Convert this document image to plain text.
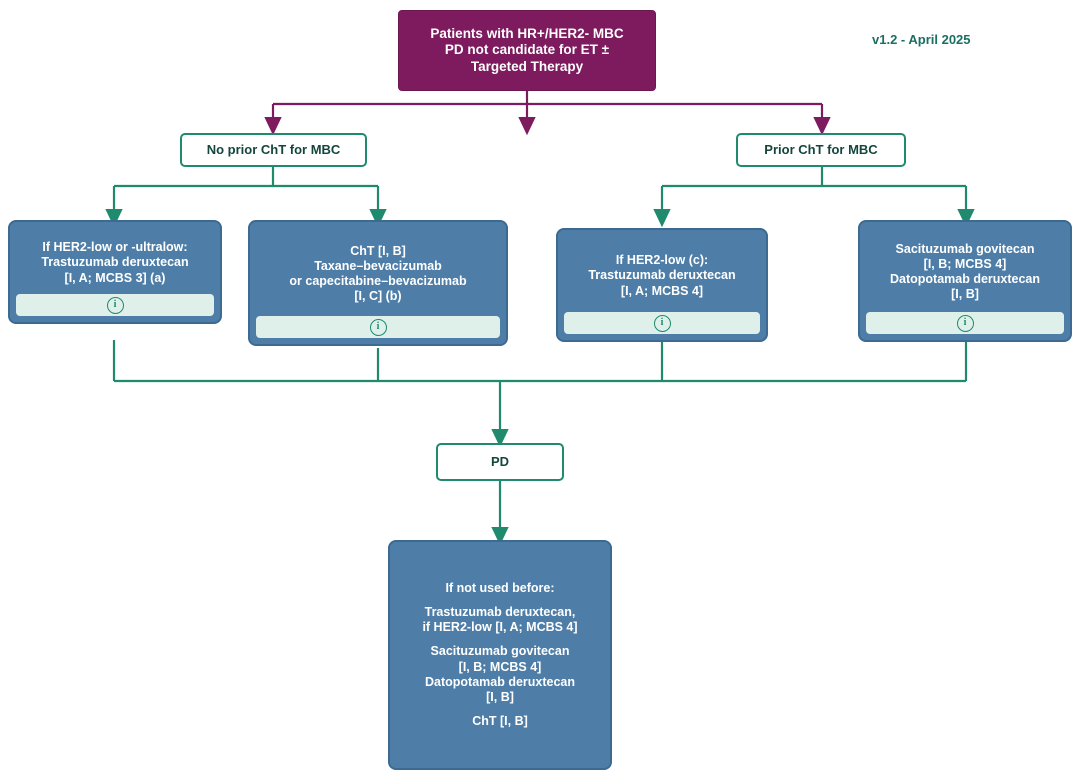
v1.2 - April 2025
Patients with HR+/HER2- MBC
PD not candidate for ET ±
Targeted Therapy
No prior ChT for MBC	Prior ChT for MBC
If HER2-low or -ultralow:
Trastuzumab deruxtecan
[I, A; MCBS 3] (a)
i
ChT [I, B]
Taxane–bevacizumab
or capecitabine–bevacizumab
[I, C] (b)
i
If HER2-low (c):
Trastuzumab deruxtecan
[I, A; MCBS 4]
i
Sacituzumab govitecan
[I, B; MCBS 4]
Datopotamab deruxtecan
[I, B]
i
PD
If not used before:
Trastuzumab deruxtecan,
if HER2-low [I, A; MCBS 4]
Sacituzumab govitecan
[I, B; MCBS 4]
Datopotamab deruxtecan
[I, B]
ChT [I, B]
